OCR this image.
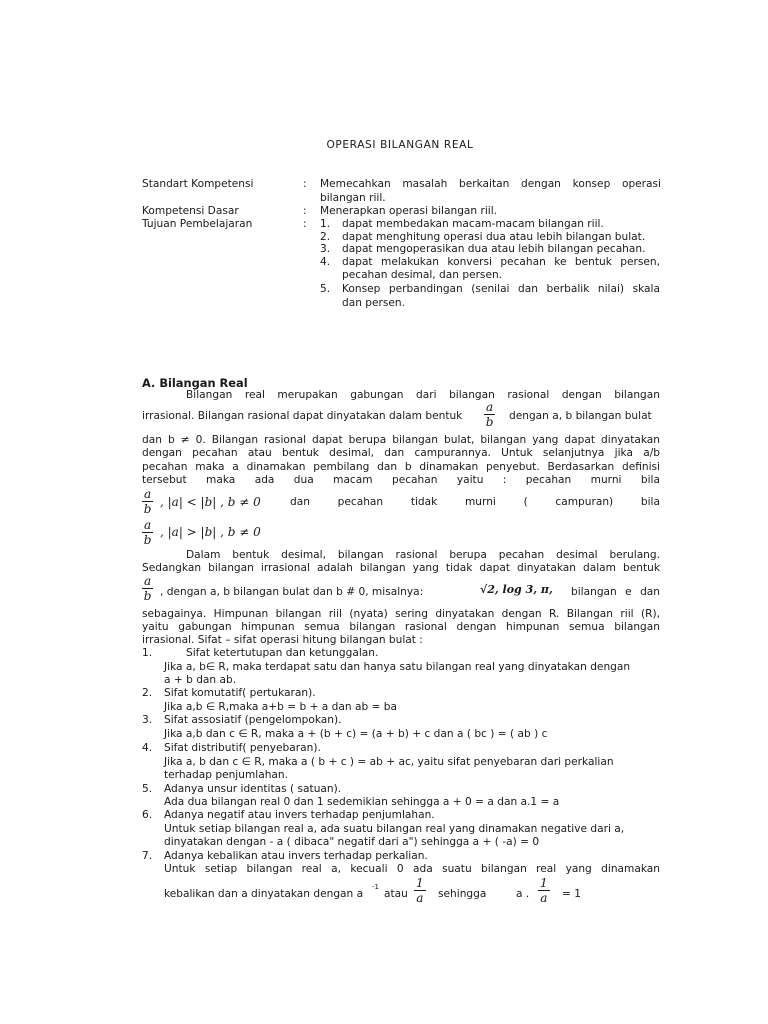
OPERASI BILANGAN REAL
Standart Kompetensi	: Memecahkan masalah berkaitan dengan konsep operasi
bilangan riil.
Kompetensi Dasar	: Menerapkan operasi bilangan riil.
Tujuan Pembelajaran	: 1. dapat membedakan macam-macam bilangan riil.
2. dapat menghitung operasi dua atau lebih bilangan bulat.
3. dapat mengoperasikan dua atau lebih bilangan pecahan.
4. dapat melakukan konversi pecahan ke bentuk persen,
pecahan desimal, dan persen.
5. Konsep perbandingan (senilai dan berbalik nilai) skala
dan persen.
A. Bilangan Real
Bilangan real merupakan gabungan dari bilangan rasional dengan bilangan
irrasional. Bilangan rasional dapat dinyatakan dalam bentuk $\frac{a}{b}$ dengan a, b bilangan bulat
dan b ≠ 0. Bilangan rasional dapat berupa bilangan bulat, bilangan yang dapat dinyatakan
dengan pecahan atau bentuk desimal, dan campurannya. Untuk selanjutnya jika a/b
pecahan maka a dinamakan pembilang dan b dinamakan penyebut. Berdasarkan definisi
tersebut maka ada dua macam pecahan yaitu : pecahan murni bila
$\frac{a}{b}$ , |a| < |b| , b ≠ 0	dan pecahan tidak murni ( campuran) bila
$\frac{a}{b}$ , |a| > |b| , b ≠ 0
Dalam bentuk desimal, bilangan rasional berupa pecahan desimal berulang.
Sedangkan bilangan irrasional adalah bilangan yang tidak dapat dinyatakan dalam bentuk
$\frac{a}{b}$ , dengan a, b bilangan bulat dan b # 0, misalnya:	√2, log 3, π, bilangan e dan
sebagainya. Himpunan bilangan riil (nyata) sering dinyatakan dengan R. Bilangan riil (R),
yaitu gabungan himpunan semua bilangan rasional dengan himpunan semua bilangan
irrasional. Sifat – sifat operasi hitung bilangan bulat :
1.	Sifat ketertutupan dan ketunggalan.
Jika a, b∈ R, maka terdapat satu dan hanya satu bilangan real yang dinyatakan dengan
a + b dan ab.
2. Sifat komutatif( pertukaran).
Jika a,b ∈ R,maka a+b = b + a dan ab = ba
3. Sifat assosiatif (pengelompokan).
Jika a,b dan c ∈ R, maka a + (b + c) = (a + b) + c dan a ( bc ) = ( ab ) c
4. Sifat distributif( penyebaran).
Jika a, b dan c ∈ R, maka a ( b + c ) = ab + ac, yaitu sifat penyebaran dari perkalian
terhadap penjumlahan.
5. Adanya unsur identitas ( satuan).
Ada dua bilangan real 0 dan 1 sedemikian sehingga a + 0 = a dan a.1 = a
6. Adanya negatif atau invers terhadap penjumlahan.
Untuk setiap bilangan real a, ada suatu bilangan real yang dinamakan negative dari a,
dinyatakan dengan - a ( dibaca" negatif dari a") sehingga a + ( -a) = 0
7. Adanya kebalikan atau invers terhadap perkalian.
Untuk setiap bilangan real a, kecuali 0 ada suatu bilangan real yang dinamakan
kebalikan dan a dinyatakan dengan a
-1
atau $\frac{1}{a}$ sehingga	a . $\frac{1}{a} = 1$
